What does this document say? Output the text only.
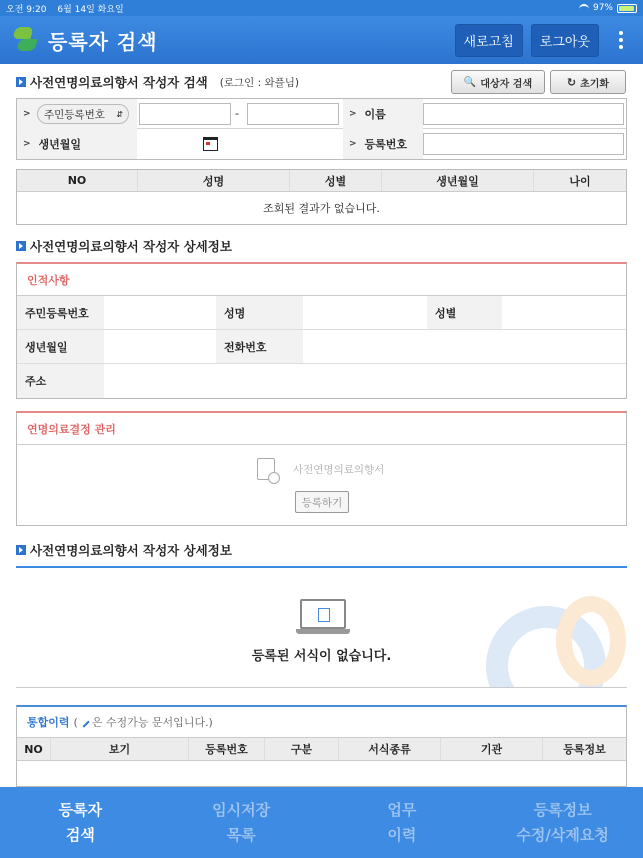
오전 9:20 6월 14일 화요일	97%
등록자 검색	새로고침	로그아웃
사전연명의료의향서 작성자 검색 (로그인 : 와플님)	🔍 대상자 검색	↻ 초기화
> 주민등록번호 ⇵	-	> 이름
> 생년월일	> 등록번호
NO	성명	성별	생년월일	나이
조회된 결과가 없습니다.
사전연명의료의향서 작성자 상세정보
인적사항
주민등록번호	성명	성별
생년월일	전화번호
주소
연명의료결정 관리
사전연명의료의향서
등록하기
사전연명의료의향서 작성자 상세정보
등록된 서식이 없습니다.
통합이력 ( 은 수정가능 문서입니다.)
NO	보기	등록번호	구분	서식종류	기관	등록정보
등록자
검색
임시저장
목록
업무
이력
등록정보
수정/삭제요청
